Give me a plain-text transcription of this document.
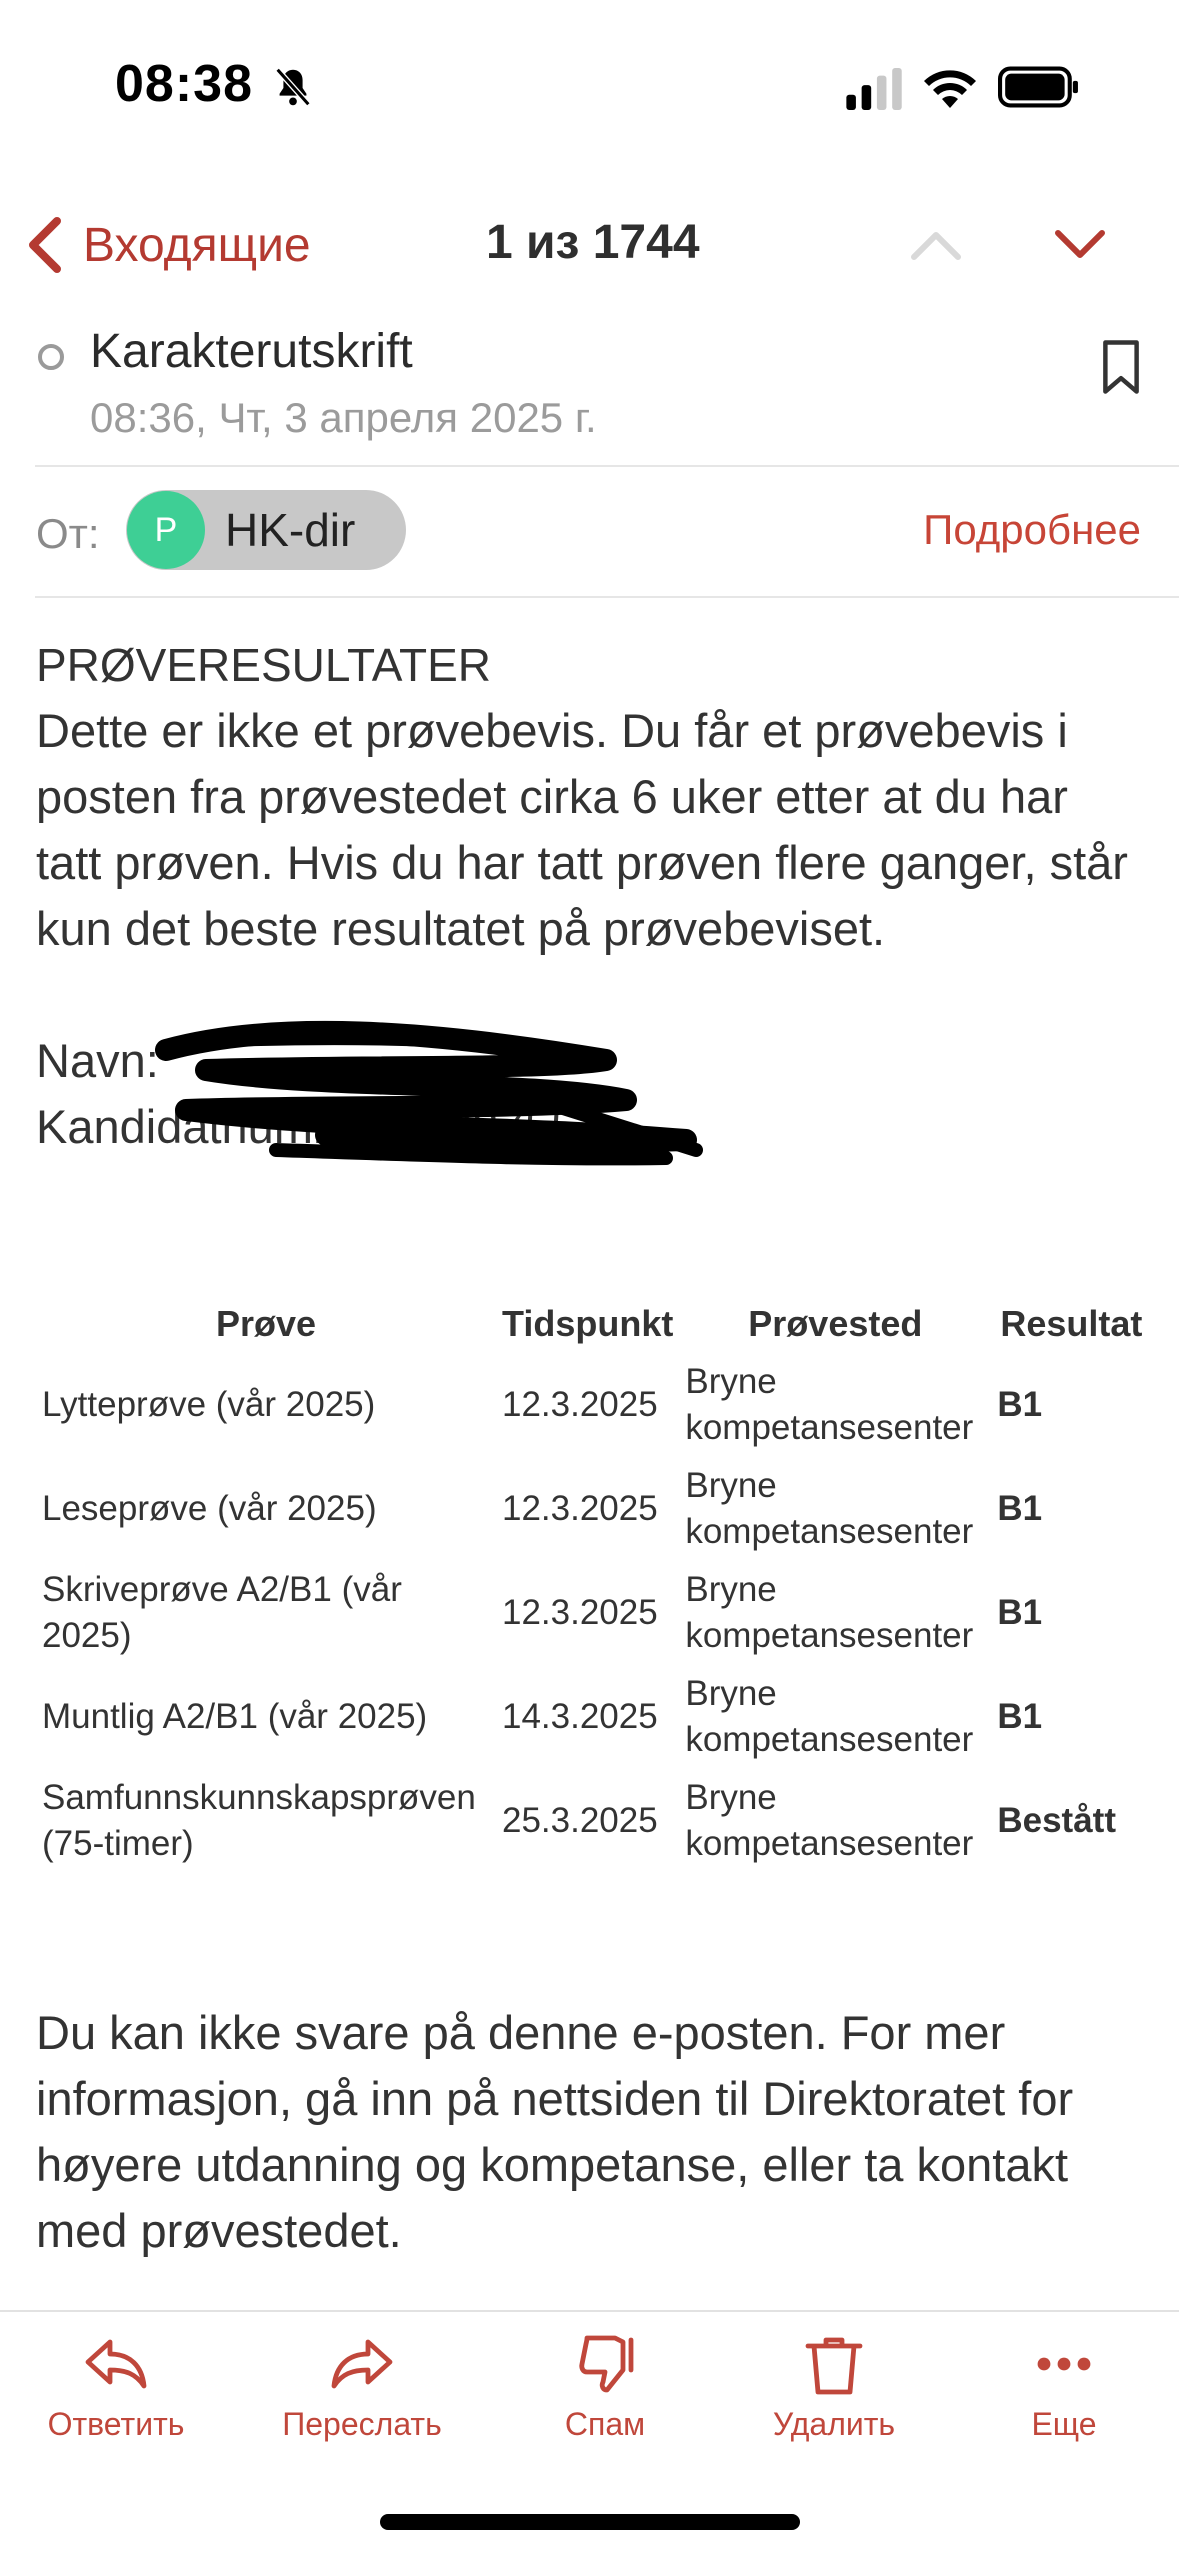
08:38
Входящие	1 из 1744
Karakterutskrift
08:36, Чт, 3 апреля 2025 г.
От:	P	HK-dir	Подробнее
PRØVERESULTATER
Dette er ikke et prøvebevis. Du får et prøvebevis i posten fra prøvestedet cirka 6 uker etter at du har tatt prøven. Hvis du har tatt prøven flere ganger, står kun det beste resultatet på prøvebeviset.
Navn:
Kandidatnummer: 492755
Prøve	Tidspunkt	Prøvested	Resultat
Lytteprøve (vår 2025)	12.3.2025	Bryne kompetansesenter	B1
Leseprøve (vår 2025)	12.3.2025	Bryne kompetansesenter	B1
Skriveprøve A2/B1 (vår 2025)	12.3.2025	Bryne kompetansesenter	B1
Muntlig A2/B1 (vår 2025)	14.3.2025	Bryne kompetansesenter	B1
Samfunnskunnskapsprøven (75-timer)	25.3.2025	Bryne kompetansesenter	Bestått
Du kan ikke svare på denne e-posten. For mer informasjon, gå inn på nettsiden til Direktoratet for høyere utdanning og kompetanse, eller ta kontakt med prøvestedet.
Ответить	Переслать	Спам	Удалить	Еще
